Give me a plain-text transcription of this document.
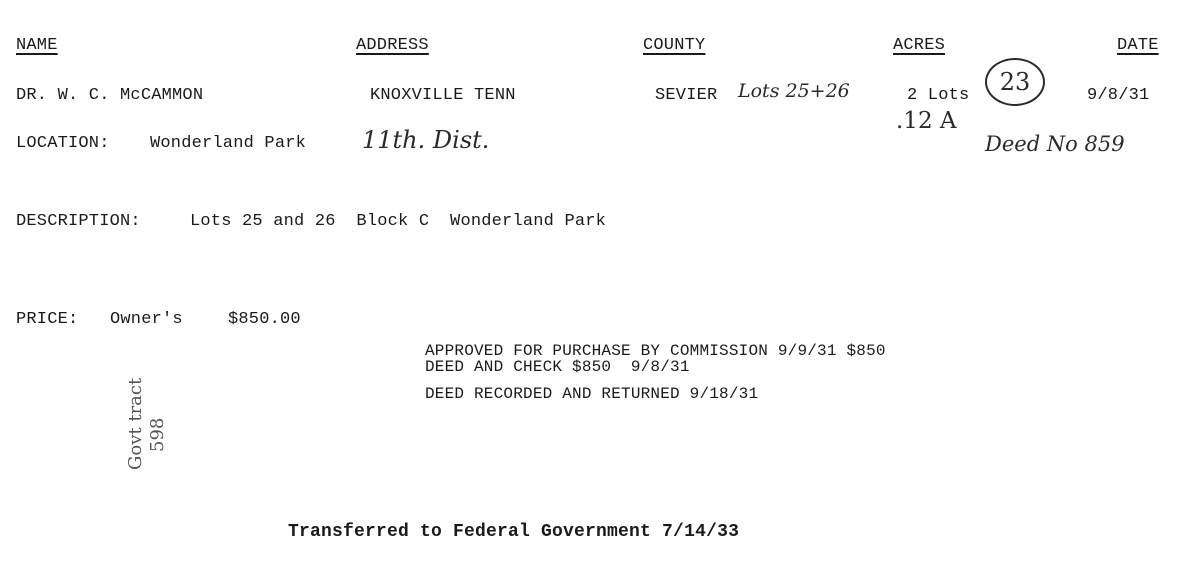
NAME	ADDRESS	COUNTY	ACRES	DATE
DR. W. C. McCAMMON	KNOXVILLE TENN	SEVIER Lots 25+26	2 Lots 23	9/8/31
LOCATION: Wonderland Park 11th. Dist.
.12 A
Deed No 859
DESCRIPTION:	Lots 25 and 26  Block C  Wonderland Park
PRICE: Owner's	$850.00
APPROVED FOR PURCHASE BY COMMISSION 9/9/31 $850
DEED AND CHECK $850  9/8/31
DEED RECORDED AND RETURNED 9/18/31
Govt tract 598
Transferred to Federal Government 7/14/33
